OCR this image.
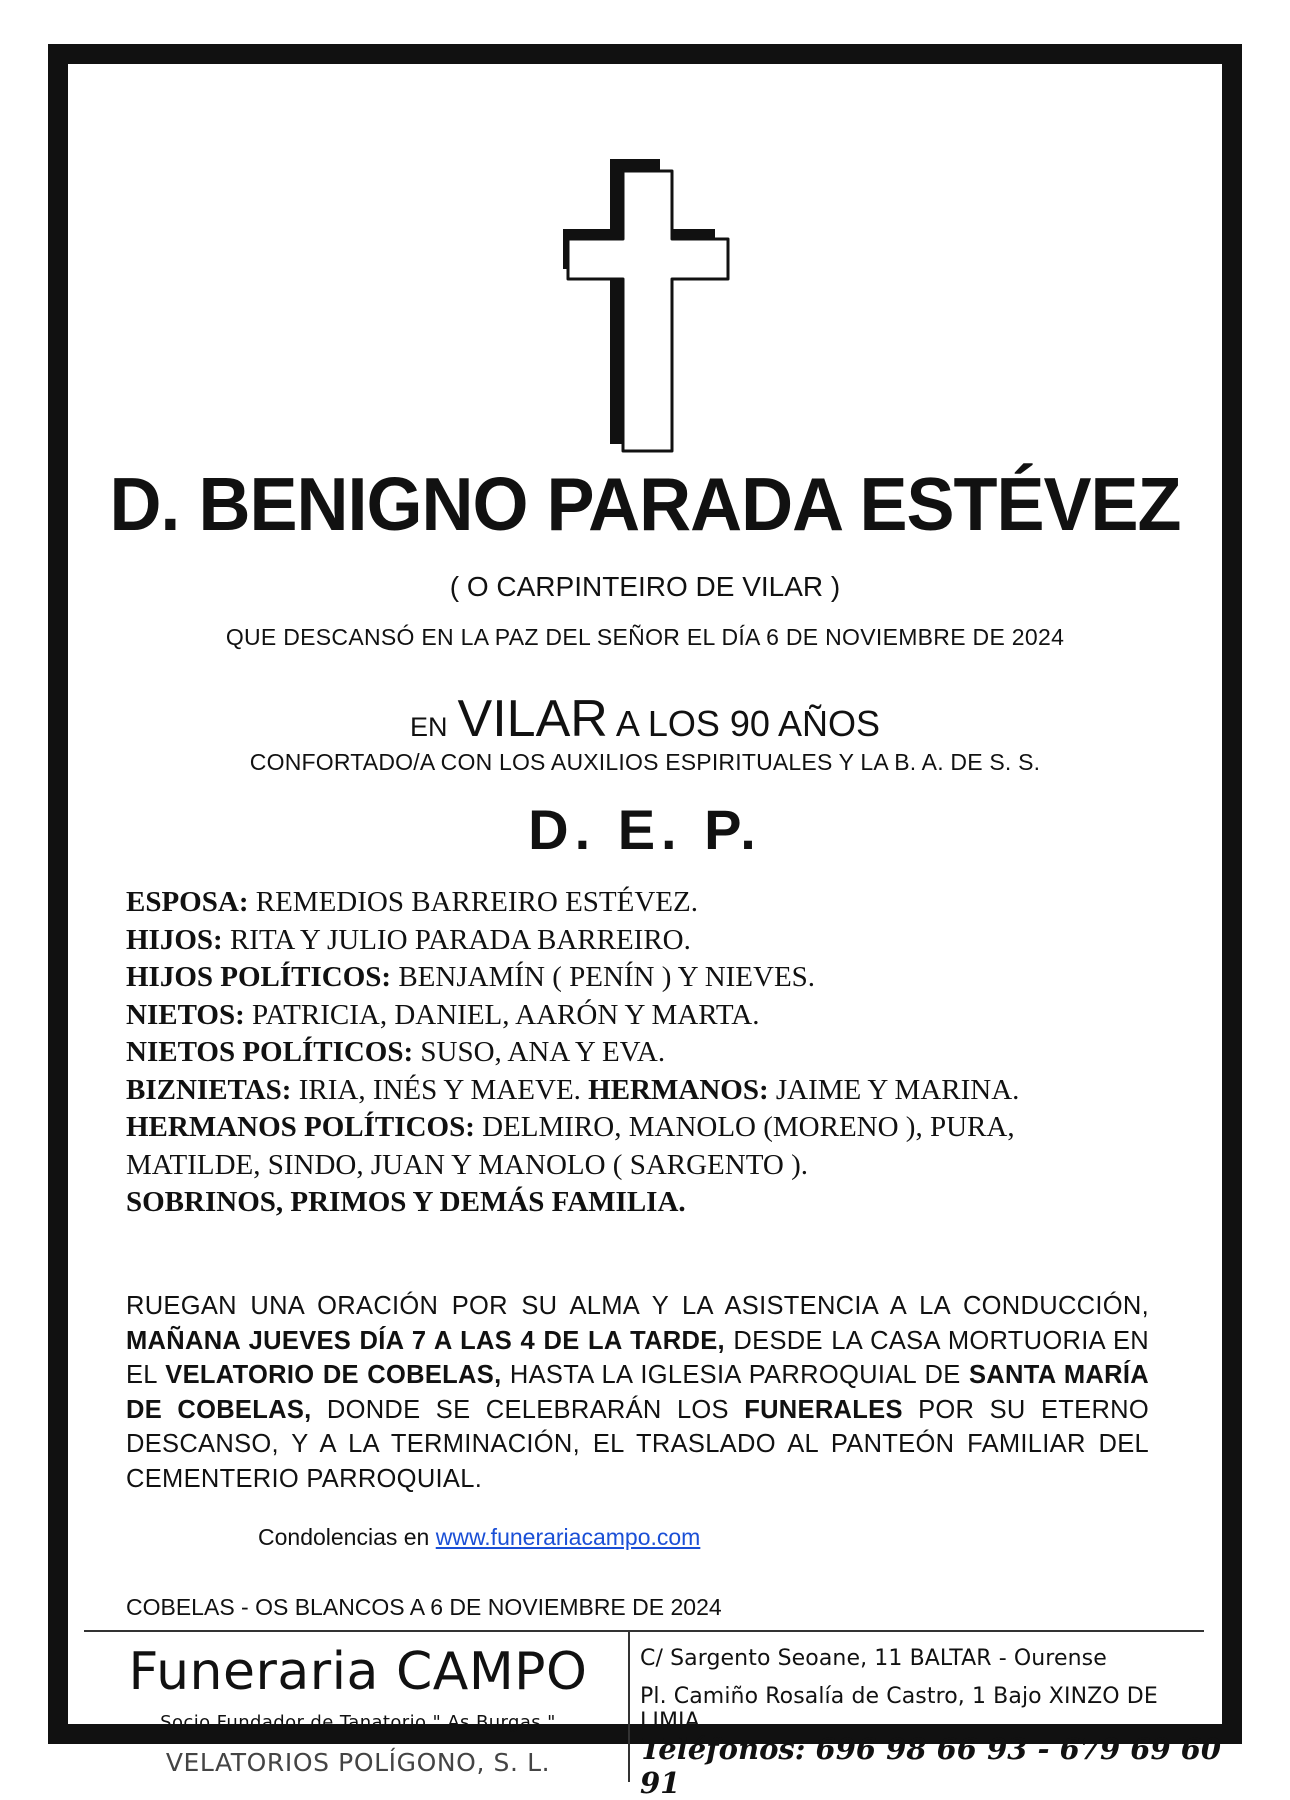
D. BENIGNO PARADA ESTÉVEZ
( O CARPINTEIRO DE VILAR )
QUE DESCANSÓ EN LA PAZ DEL SEÑOR EL DÍA 6 DE NOVIEMBRE DE 2024
EN VILAR A LOS 90 AÑOS
CONFORTADO/A CON LOS AUXILIOS ESPIRITUALES Y LA B. A. DE S. S.
D. E. P.
ESPOSA: REMEDIOS BARREIRO ESTÉVEZ.
HIJOS: RITA Y JULIO PARADA BARREIRO.
HIJOS POLÍTICOS: BENJAMÍN ( PENÍN ) Y NIEVES.
NIETOS: PATRICIA, DANIEL, AARÓN Y MARTA.
NIETOS POLÍTICOS: SUSO, ANA Y EVA.
BIZNIETAS: IRIA, INÉS Y MAEVE. HERMANOS: JAIME Y MARINA.
HERMANOS POLÍTICOS: DELMIRO, MANOLO (MORENO ), PURA,
MATILDE, SINDO, JUAN Y MANOLO ( SARGENTO ).
SOBRINOS, PRIMOS Y DEMÁS FAMILIA.
RUEGAN UNA ORACIÓN POR SU ALMA Y LA ASISTENCIA A LA CONDUCCIÓN, MAÑANA JUEVES DÍA 7 A LAS 4 DE LA TARDE, DESDE LA CASA MORTUORIA EN EL VELATORIO DE COBELAS, HASTA LA IGLESIA PARROQUIAL DE SANTA MARÍA DE COBELAS, DONDE SE CELEBRARÁN LOS FUNERALES POR SU ETERNO DESCANSO, Y A LA TERMINACIÓN, EL TRASLADO AL PANTEÓN FAMILIAR DEL CEMENTERIO PARROQUIAL.
Condolencias en www.funerariacampo.com
COBELAS - OS BLANCOS A 6 DE NOVIEMBRE DE 2024
Funeraria CAMPO
Socio Fundador de Tanatorio " As Burgas "
VELATORIOS POLÍGONO, S. L.
C/ Sargento Seoane, 11 BALTAR - Ourense
Pl. Camiño Rosalía de Castro, 1 Bajo XINZO DE LIMIA
Teléfonos: 696 98 66 93 - 679 69 60 91
